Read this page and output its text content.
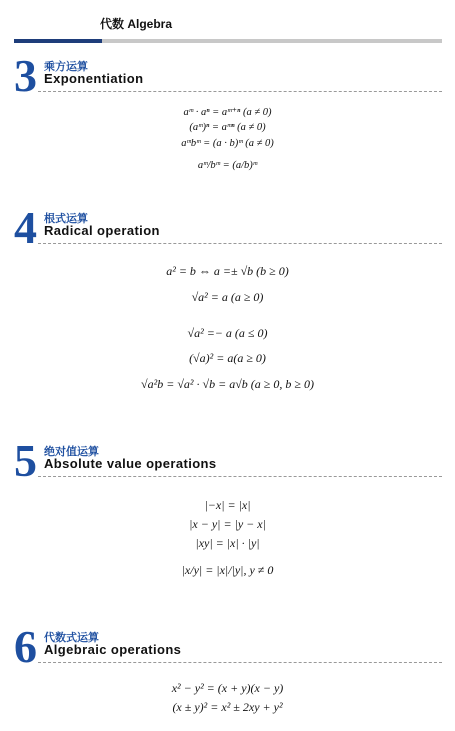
代数 Algebra
3 乘方运算
Exponentiation
aᵐ · aⁿ = aᵐ⁺ⁿ (a ≠ 0)
(aᵐ)ⁿ = aᵐⁿ (a ≠ 0)
aᵐbᵐ = (a · b)ᵐ (a ≠ 0)
aᵐ/bᵐ = (a/b)ᵐ
4 根式运算
Radical operation
a² = b ⇔ a =± √b (b ≥ 0)
√a² = a (a ≥ 0)
√a² =− a (a ≤ 0)
(√a)² = a(a ≥ 0)
√a²b = √a² · √b = a√b (a ≥ 0, b ≥ 0)
5 绝对值运算
Absolute value operations
|−x| = |x|
|x − y| = |y − x|
|xy| = |x| · |y|
|x/y| = |x|/|y|, y ≠ 0
6 代数式运算
Algebraic operations
x² − y² = (x + y)(x − y)
(x ± y)² = x² ± 2xy + y²
